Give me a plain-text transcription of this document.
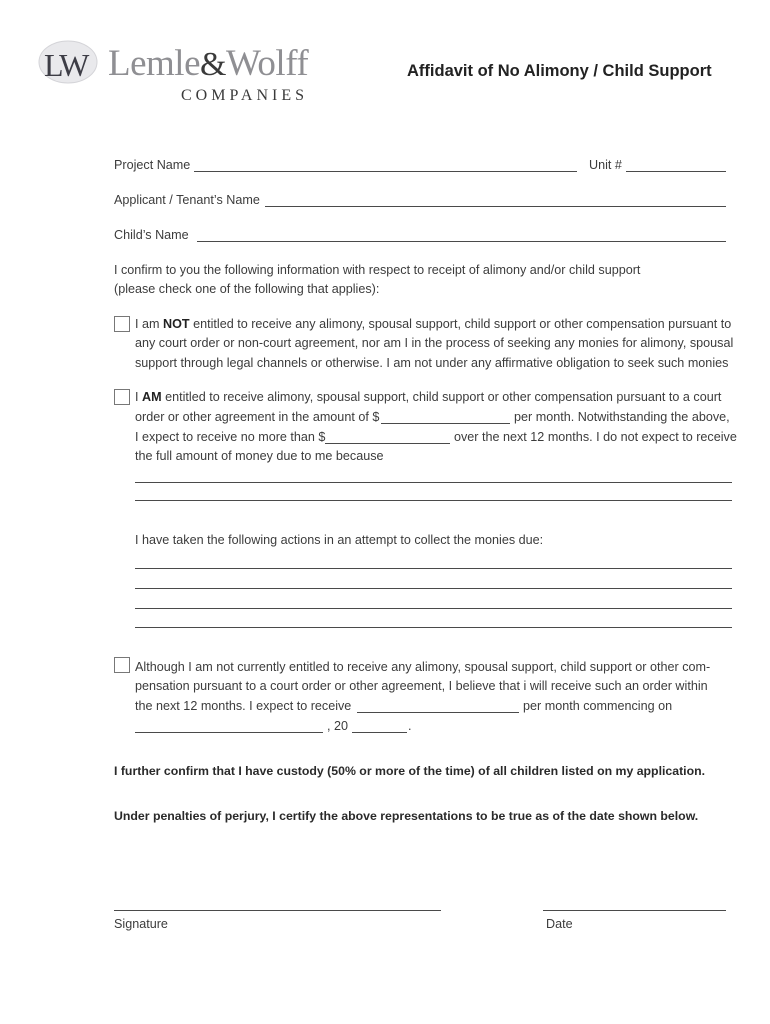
LW Lemle&Wolff
COMPANIES
Affidavit of No Alimony / Child Support
Project Name	Unit #
Applicant / Tenant’s Name
Child’s Name
I confirm to you the following information with respect to receipt of alimony and/or child support
(please check one of the following that applies):
I am NOT entitled to receive any alimony, spousal support, child support or other compensation pursuant to
any court order or non-court agreement, nor am I in the process of seeking any monies for alimony, spousal
support through legal channels or otherwise. I am not under any affirmative obligation to seek such monies
I AM entitled to receive alimony, spousal support, child support or other compensation pursuant to a court
order or other agreement in the amount of $	per month. Notwithstanding the above,
I expect to receive no more than $	over the next 12 months. I do not expect to receive
the full amount of money due to me because
I have taken the following actions in an attempt to collect the monies due:
Although I am not currently entitled to receive any alimony, spousal support, child support or other com-
pensation pursuant to a court order or other agreement, I believe that i will receive such an order within
the next 12 months. I expect to receive	per month commencing on
, 20	.
I further confirm that I have custody (50% or more of the time) of all children listed on my application.
Under penalties of perjury, I certify the above representations to be true as of the date shown below.
Signature	Date
